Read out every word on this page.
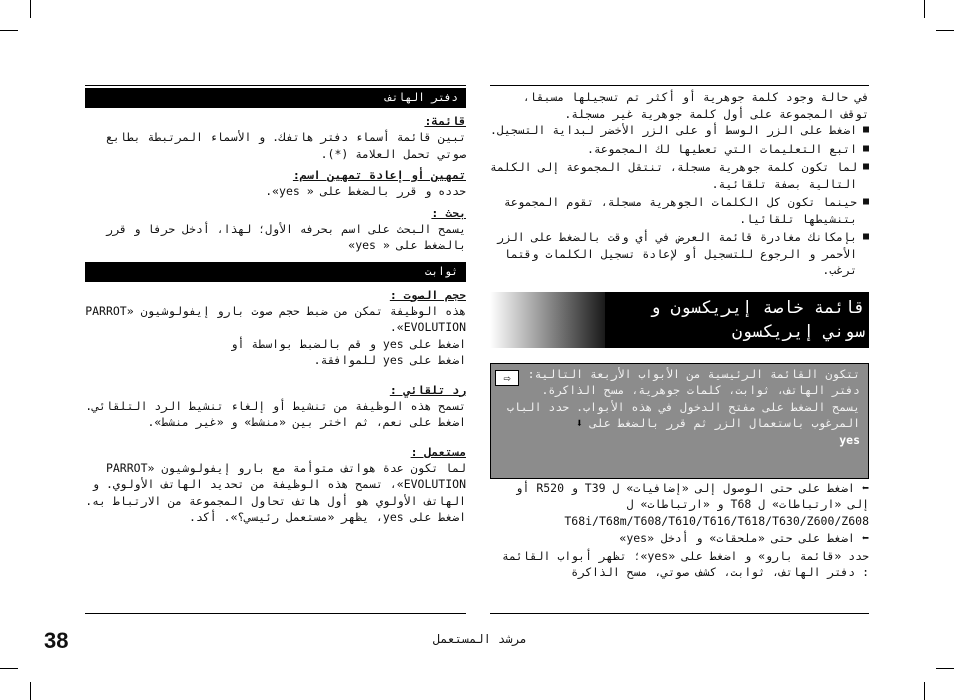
دفتر الهاتف
قائمة:

تبين قائمة أسماء دفتر هاتفك. و الأسماء المرتبطة بطابع صوتي تحمل العلامة (*).

تمهين أو إعادة تمهين اسم:

حدده و قرر بالضغط على « yes».

بحث :

يسمح البحث على اسم بحرفه الأول؛ لهذا، أدخل حرفا و قرر بالضغط على « yes»

ثوابت
حجم الصوت :

هذه الوظيفة تمكن من ضبط حجم صوت بارو إيفولوشيون «PARROT EVOLUTION».

اضغط على yes و قم بالضبط بواسطة أو

اضغط على yes للموافقة.

رد تلقائي :

تسمح هذه الوظيفة من تنشيط أو إلغاء تنشيط الرد التلقائي.

اضغط على نعم، ثم اختر بين «منشط» و «غير منشط».

مستعمل :

لما تكون عدة هواتف متوأمة مع بارو إيفولوشيون «PARROT EVOLUTION»، تسمح هذه الوظيفة من تحديد الهاتف الأولوي. و الهاتف الأولوي هو أول هاتف تحاول المجموعة من الارتباط به.

اضغط على yes، يظهر «مستعمل رئيسي؟». أكد.

في حالة وجود كلمة جوهرية أو أكثر تم تسجيلها مسبقا، توقف المجموعة على أول كلمة جوهرية غير مسجلة.

■ اضغط على الزر الوسط أو على الزر الأخضر لبداية التسجيل.

■ اتبع التعليمات التي تعطيها لك المجموعة.

■ لما تكون كلمة جوهرية مسجلة، تنتقل المجموعة إلى الكلمة التالية بصفة تلقائية.

■ حينما تكون كل الكلمات الجوهرية مسجلة، تقوم المجموعة بتنشيطها تلقائيا.

■ بإمكانك مغادرة قائمة العرض في أي وقت بالضغط على الزر الأحمر و الرجوع للتسجيل أو لإعادة تسجيل الكلمات وقتما ترغب.

قائمة خاصة إيريكسون و
سوني إيريكسون
⇨	تتكون القائمة الرئيسية من الأبواب الأربعة التالية:

دفتر الهاتف، ثوابت، كلمات جوهرية، مسح الذاكرة.

يسمح الضغط على مفتح الدخول في هذه الأبواب. حدد الباب المرغوب باستعمال الزر ثم قرر بالضغط على ⬇

yes

⬅ اضغط على حتى الوصول إلى «إضافيات» ل T39 و R520 أو إلى «ارتباطات» ل T68 و «ارتباطات» ل T68i/T68m/T608/T610/T616/T618/T630/Z600/Z608

⬅ اضغط على حتى «ملحقات» و أدخل «yes»

حدد «قائمة بارو» و اضغط على «yes»؛ تظهر أبواب القائمة : دفتر الهاتف، ثوابت، كشف صوتي، مسح الذاكرة

38	مرشد المستعمل
